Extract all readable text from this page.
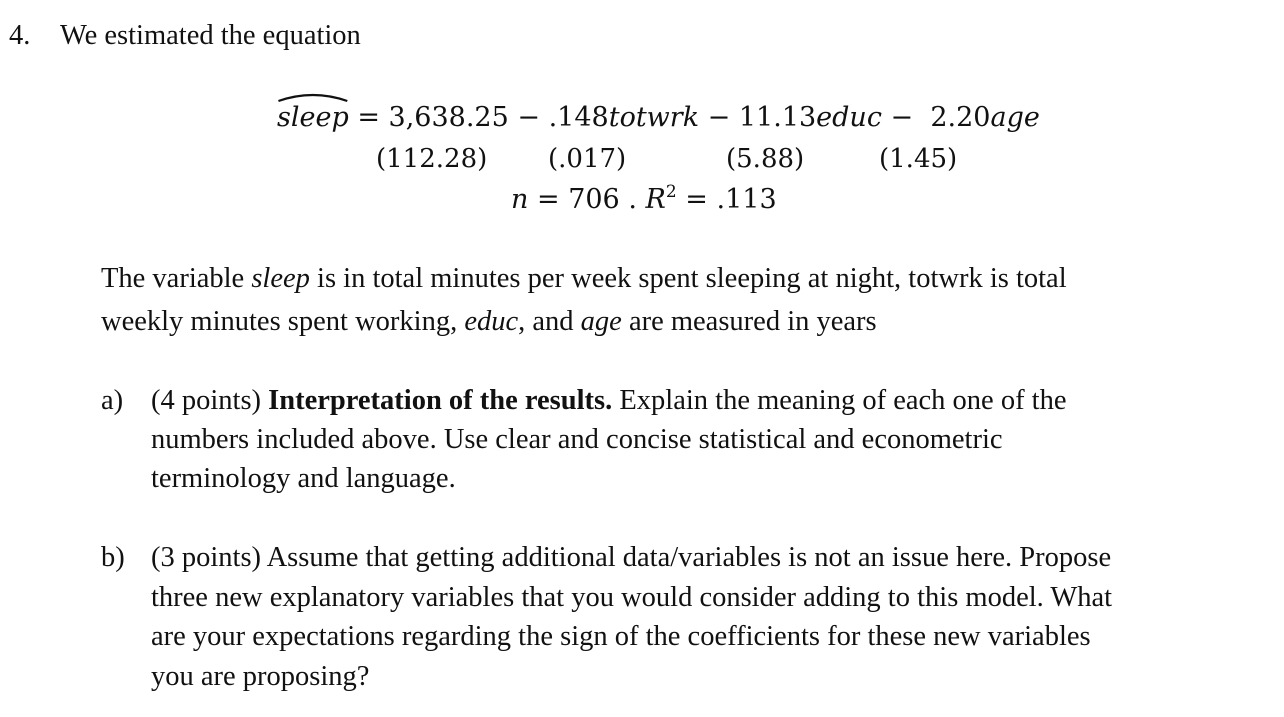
4. We estimated the equation
sleep = 3,638.25 − .148totwrk − 11.13educ − 2.20age
(112.28) (.017)	(5.88)	(1.45)
n = 706 . $R^2 = .113$
The variable sleep is in total minutes per week spent sleeping at night, totwrk is total
weekly minutes spent working, educ, and age are measured in years
a) (4 points) Interpretation of the results. Explain the meaning of each one of the
numbers included above. Use clear and concise statistical and econometric
terminology and language.
b) (3 points) Assume that getting additional data/variables is not an issue here. Propose
three new explanatory variables that you would consider adding to this model. What
are your expectations regarding the sign of the coefficients for these new variables
you are proposing?
